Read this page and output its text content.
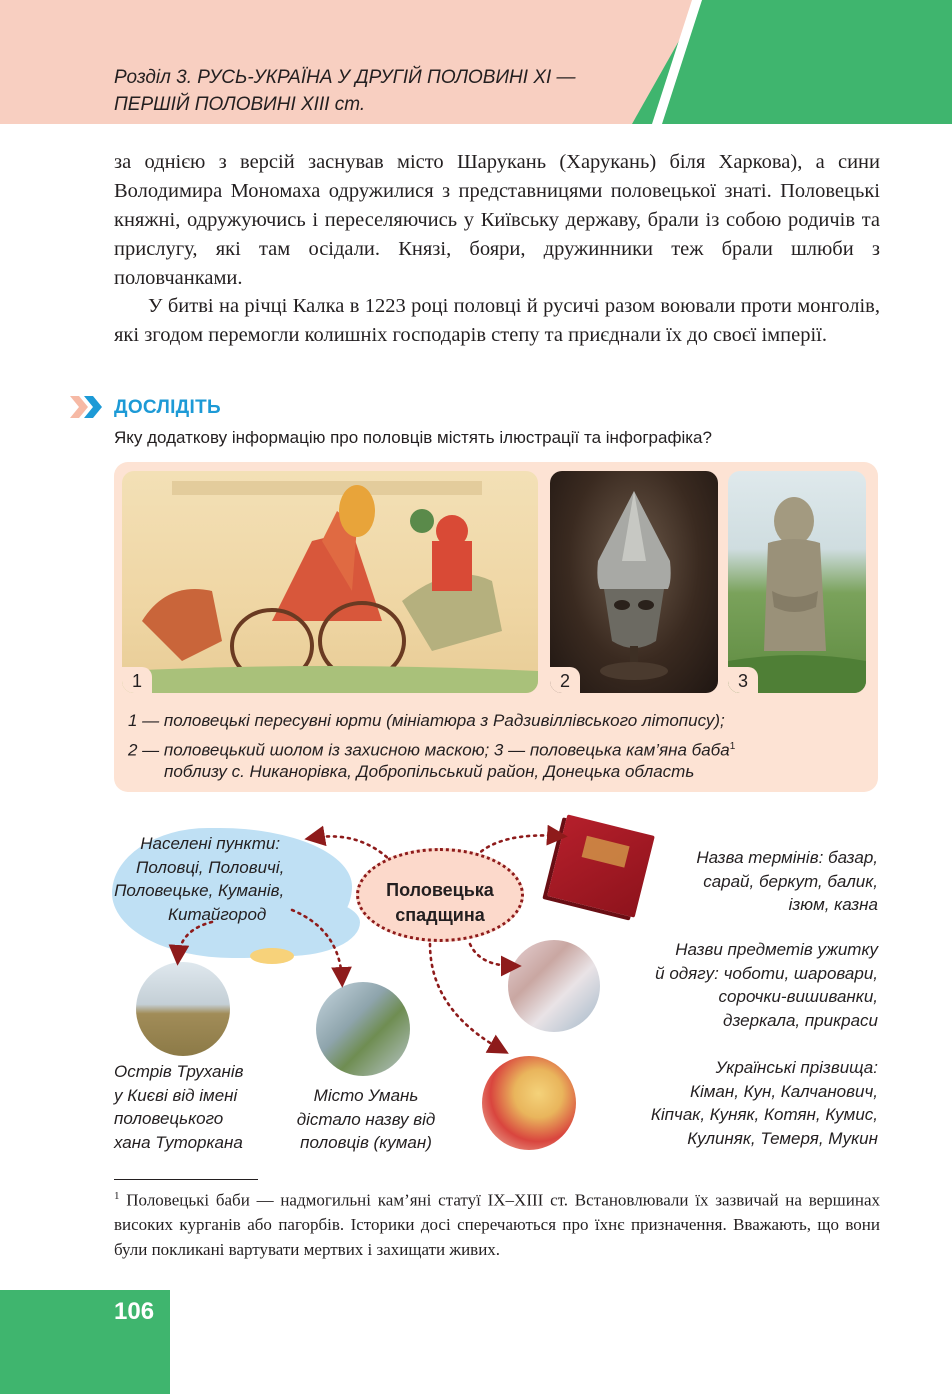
Розділ 3. РУСЬ-УКРАЇНА У ДРУГІЙ ПОЛОВИНІ XI —
ПЕРШІЙ ПОЛОВИНІ XIII ст.

за однією з версій заснував місто Шарукань (Харукань) біля Харкова), а сини Володимира Мономаха одружилися з представницями половецької знаті. Половецькі княжні, одружуючись і переселяючись у Київську державу, брали із собою родичів та прислугу, які там осідали. Князі, бояри, дружинники теж брали шлюби з половчанками.

У битві на річці Калка в 1223 році половці й русичі разом воювали проти монголів, які згодом перемогли колишніх господарів степу та приєднали їх до своєї імперії.

ДОСЛІДІТЬ
Яку додаткову інформацію про половців містять ілюстрації та інфографіка?
1	2	3
1 — половецькі пересувні юрти (мініатюра з Радзивіллівського літопису);
2 — половецький шолом із захисною маскою; 3 — половецька кам’яна баба$^1$
поблизу с. Никанорівка, Добропільський район, Донецька область
Половецька
спадщина
Населені пункти:
Половці, Половичі,
Половецьке, Куманів,
Китайгород
Острів Труханів
у Києві від імені
половецького
хана Туторкана
Місто Умань
дістало назву від
половців (куман)
Назва термінів: базар,
сарай, беркут, балик,
ізюм, казна
Назви предметів ужитку
й одягу: чоботи, шаровари,
сорочки-вишиванки,
дзеркала, прикраси
Українські прізвища:
Кіман, Кун, Калчанович,
Кіпчак, Куняк, Котян, Кумис,
Кулиняк, Темеря, Мукин

$^1$ Половецькі баби — надмогильні кам’яні статуї IX–XIII ст. Встановлювали їх зазвичай на вершинах високих курганів або пагорбів. Історики досі сперечаються про їхнє призначення. Вважають, що вони були покликані вартувати мертвих і захищати живих.

106
